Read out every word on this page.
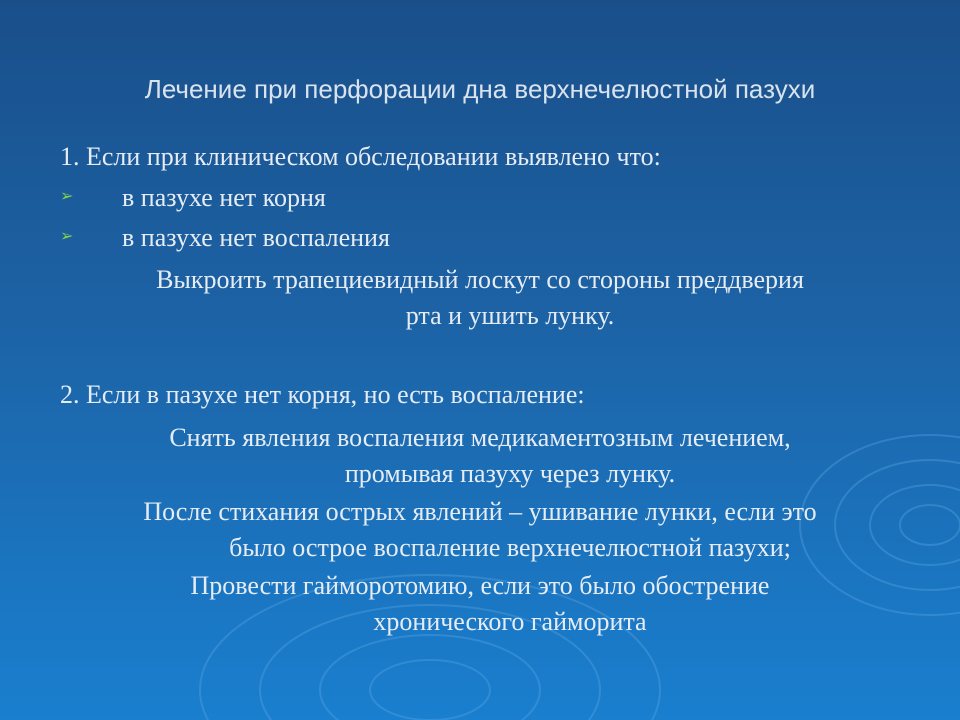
Лечение при перфорации дна верхнечелюстной пазухи
1. Если при клиническом обследовании выявлено что:
➢ в пазухе нет корня
➢ в пазухе нет воспаления
Выкроить трапециевидный лоскут со стороны преддверия
рта и ушить лунку.
2. Если в пазухе нет корня, но есть воспаление:
Снять явления воспаления медикаментозным лечением,
промывая пазуху через лунку.
После стихания острых явлений – ушивание лунки, если это
было острое воспаление верхнечелюстной пазухи;
Провести гайморотомию, если это было обострение
хронического гайморита
